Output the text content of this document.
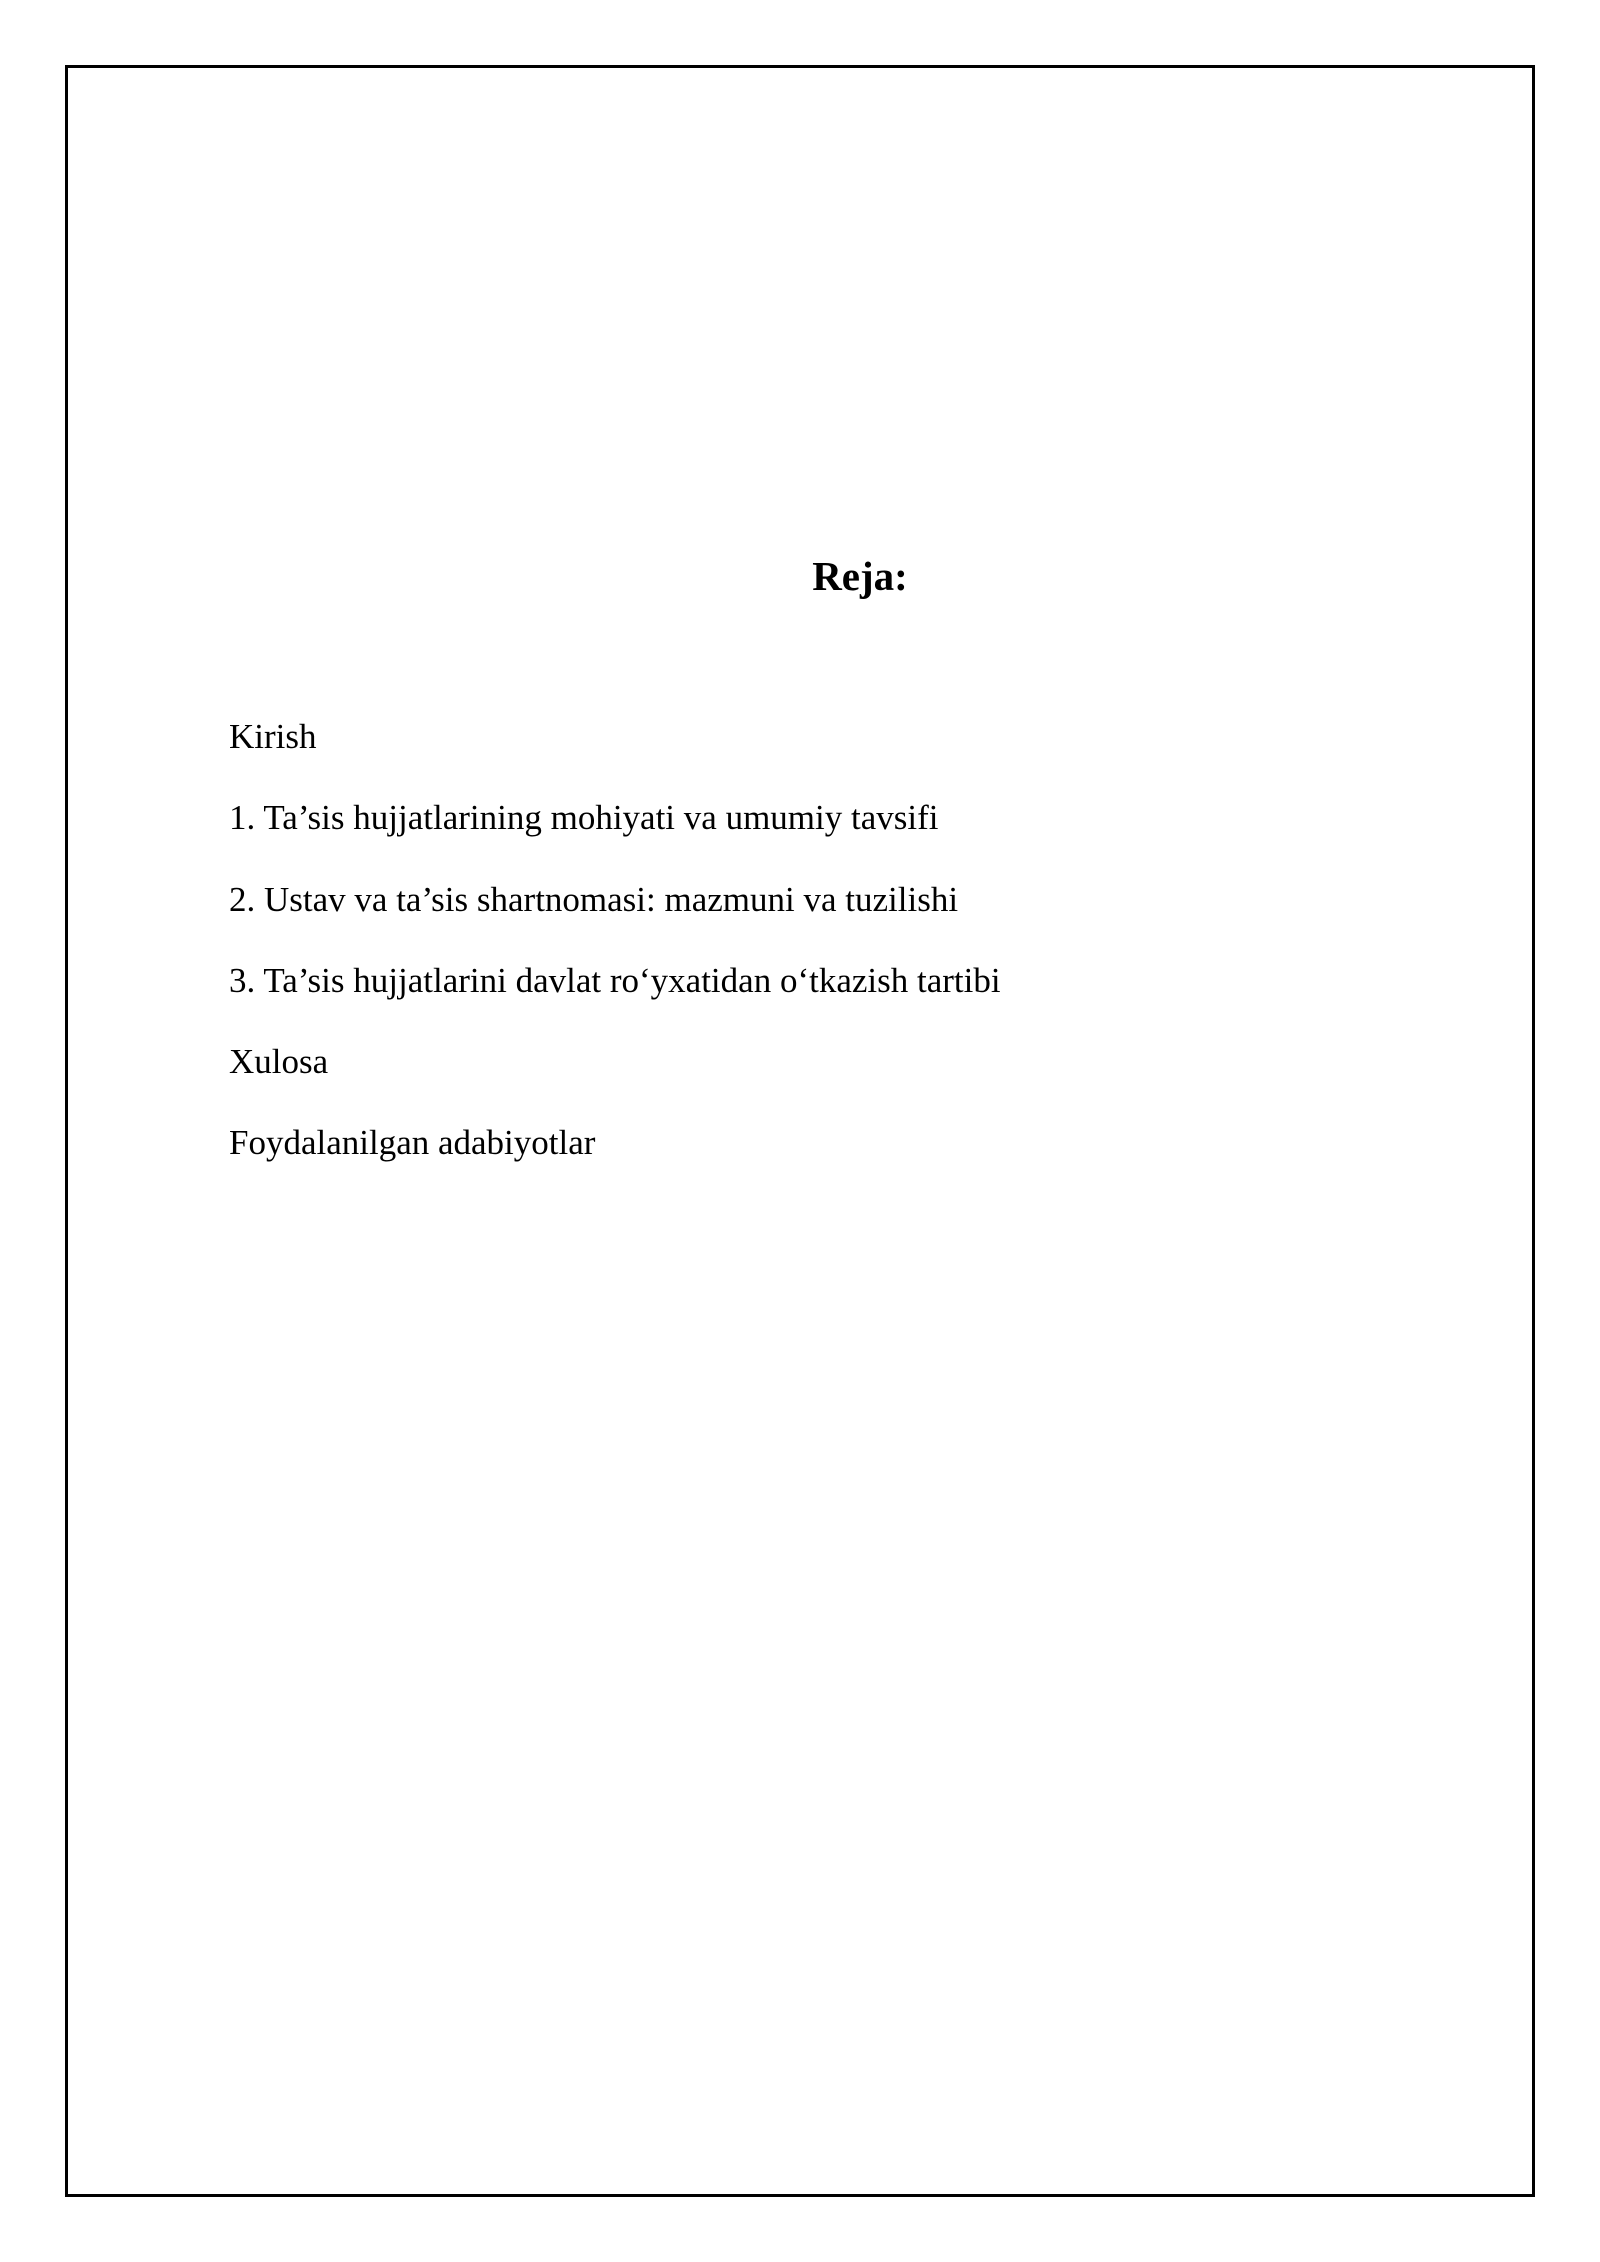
Reja:
Kirish
1. Ta’sis hujjatlarining mohiyati va umumiy tavsifi
2. Ustav va ta’sis shartnomasi: mazmuni va tuzilishi
3. Ta’sis hujjatlarini davlat ro‘yxatidan o‘tkazish tartibi
Xulosa
Foydalanilgan adabiyotlar
